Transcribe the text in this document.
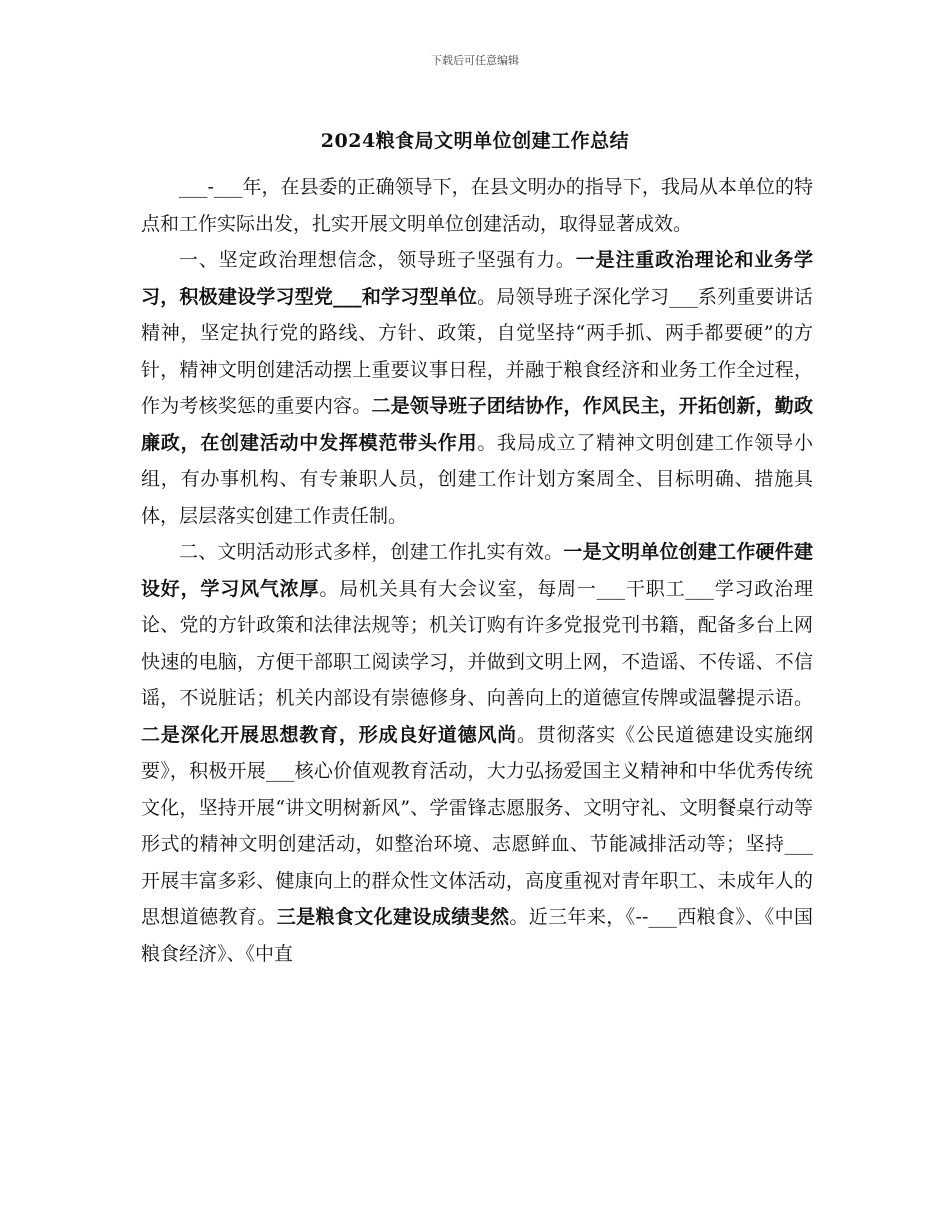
下载后可任意编辑
2024粮食局文明单位创建工作总结

___-___年，在县委的正确领导下，在县文明办的指导下，我局从本单位的特点和工作实际出发，扎实开展文明单位创建活动，取得显著成效。

一、坚定政治理想信念，领导班子坚强有力。一是注重政治理论和业务学习，积极建设学习型党___和学习型单位。局领导班子深化学习___系列重要讲话精神，坚定执行党的路线、方针、政策，自觉坚持“两手抓、两手都要硬”的方针，精神文明创建活动摆上重要议事日程，并融于粮食经济和业务工作全过程，作为考核奖惩的重要内容。二是领导班子团结协作，作风民主，开拓创新，勤政廉政，在创建活动中发挥模范带头作用。我局成立了精神文明创建工作领导小组，有办事机构、有专兼职人员，创建工作计划方案周全、目标明确、措施具体，层层落实创建工作责任制。

二、文明活动形式多样，创建工作扎实有效。一是文明单位创建工作硬件建设好，学习风气浓厚。局机关具有大会议室，每周一___干职工___学习政治理论、党的方针政策和法律法规等；机关订购有许多党报党刊书籍，配备多台上网快速的电脑，方便干部职工阅读学习，并做到文明上网，不造谣、不传谣、不信谣，不说脏话；机关内部设有崇德修身、向善向上的道德宣传牌或温馨提示语。二是深化开展思想教育，形成良好道德风尚。贯彻落实《公民道德建设实施纲要》，积极开展___核心价值观教育活动，大力弘扬爱国主义精神和中华优秀传统文化，坚持开展“讲文明树新风”、学雷锋志愿服务、文明守礼、文明餐桌行动等形式的精神文明创建活动，如整治环境、志愿鲜血、节能减排活动等；坚持___开展丰富多彩、健康向上的群众性文体活动，高度重视对青年职工、未成年人的思想道德教育。三是粮食文化建设成绩斐然。近三年来，《--___西粮食》、《中国粮食经济》、《中直
